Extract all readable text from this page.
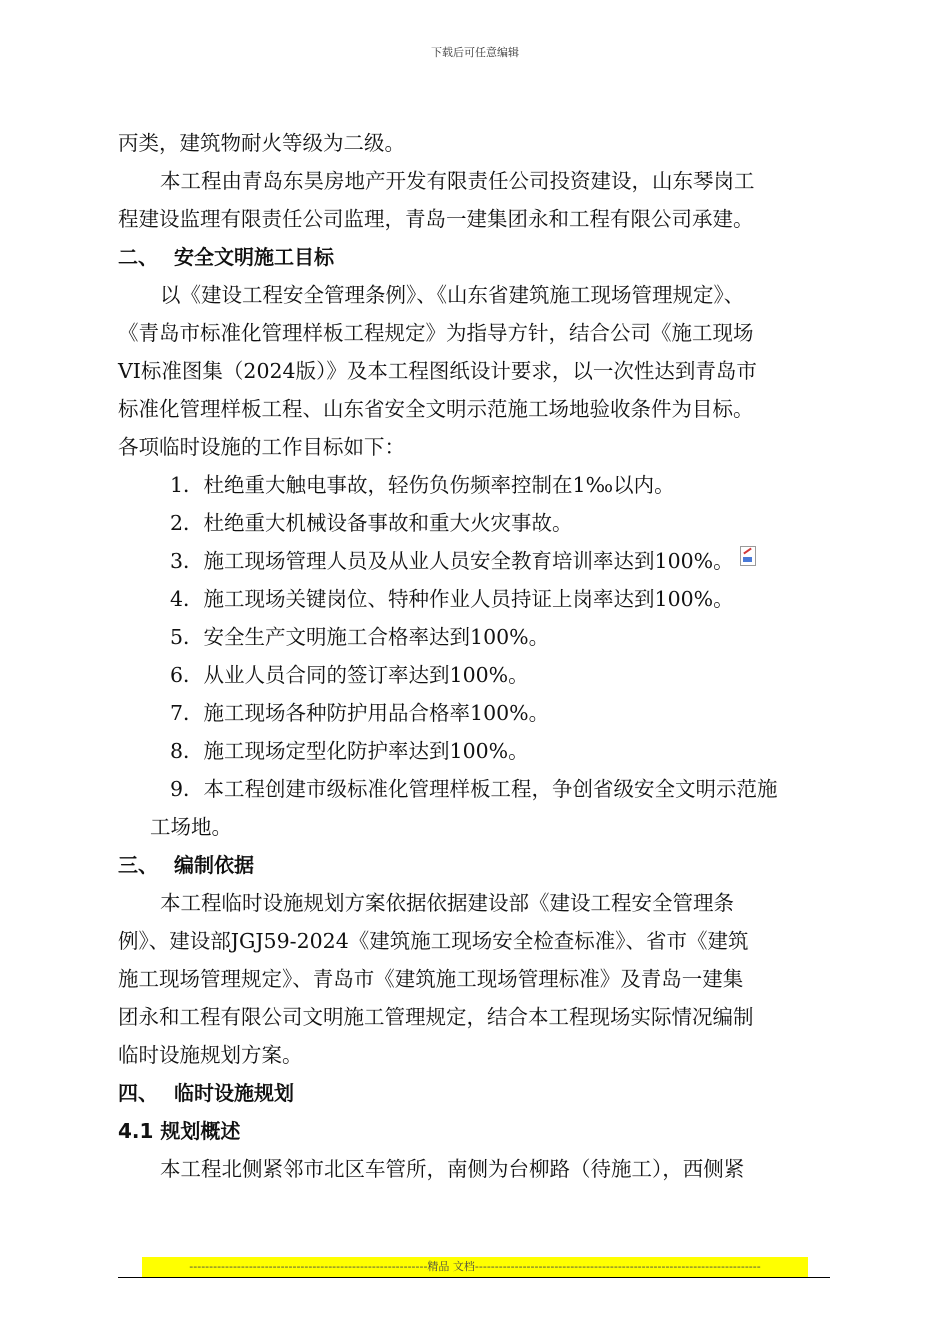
下载后可任意编辑
丙类，建筑物耐火等级为二级。
本工程由青岛东昊房地产开发有限责任公司投资建设，山东琴岗工
程建设监理有限责任公司监理，青岛一建集团永和工程有限公司承建。
二、 安全文明施工目标
以《建设工程安全管理条例》、《山东省建筑施工现场管理规定》、
《青岛市标准化管理样板工程规定》为指导方针，结合公司《施工现场
VI标准图集（2024版）》及本工程图纸设计要求，以一次性达到青岛市
标准化管理样板工程、山东省安全文明示范施工场地验收条件为目标。
各项临时设施的工作目标如下：
1．杜绝重大触电事故，轻伤负伤频率控制在1‰以内。
2．杜绝重大机械设备事故和重大火灾事故。
3．施工现场管理人员及从业人员安全教育培训率达到100%。
4．施工现场关键岗位、特种作业人员持证上岗率达到100%。
5．安全生产文明施工合格率达到100%。
6．从业人员合同的签订率达到100%。
7．施工现场各种防护用品合格率100%。
8．施工现场定型化防护率达到100%。
9．本工程创建市级标准化管理样板工程，争创省级安全文明示范施
工场地。
三、 编制依据
本工程临时设施规划方案依据依据建设部《建设工程安全管理条
例》、建设部JGJ59-2024《建筑施工现场安全检查标准》、省市《建筑
施工现场管理规定》、青岛市《建筑施工现场管理标准》及青岛一建集
团永和工程有限公司文明施工管理规定，结合本工程现场实际情况编制
临时设施规划方案。
四、 临时设施规划
4.1 规划概述
本工程北侧紧邻市北区车管所，南侧为台柳路（待施工），西侧紧
------------------------------------------------------------精品 文档------------------------------------------------------------------------
